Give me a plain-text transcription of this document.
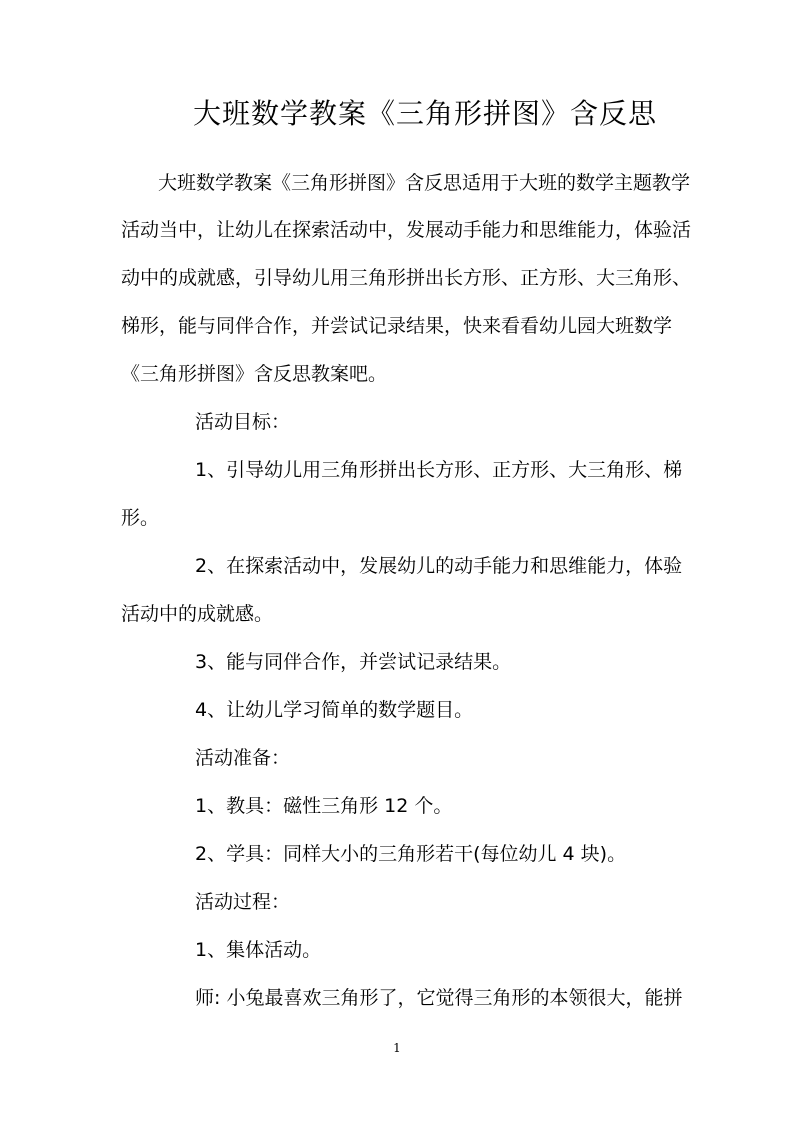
大班数学教案《三角形拼图》含反思
大班数学教案《三角形拼图》含反思适用于大班的数学主题教学
活动当中，让幼儿在探索活动中，发展动手能力和思维能力，体验活
动中的成就感，引导幼儿用三角形拼出长方形、正方形、大三角形、
梯形，能与同伴合作，并尝试记录结果，快来看看幼儿园大班数学
《三角形拼图》含反思教案吧。
活动目标：
1、引导幼儿用三角形拼出长方形、正方形、大三角形、梯
形。
2、在探索活动中，发展幼儿的动手能力和思维能力，体验
活动中的成就感。
3、能与同伴合作，并尝试记录结果。
4、让幼儿学习简单的数学题目。
活动准备：
1、教具：磁性三角形 12 个。
2、学具：同样大小的三角形若干(每位幼儿 4 块)。
活动过程：
1、集体活动。
师: 小兔最喜欢三角形了，它觉得三角形的本领很大，能拼
1
